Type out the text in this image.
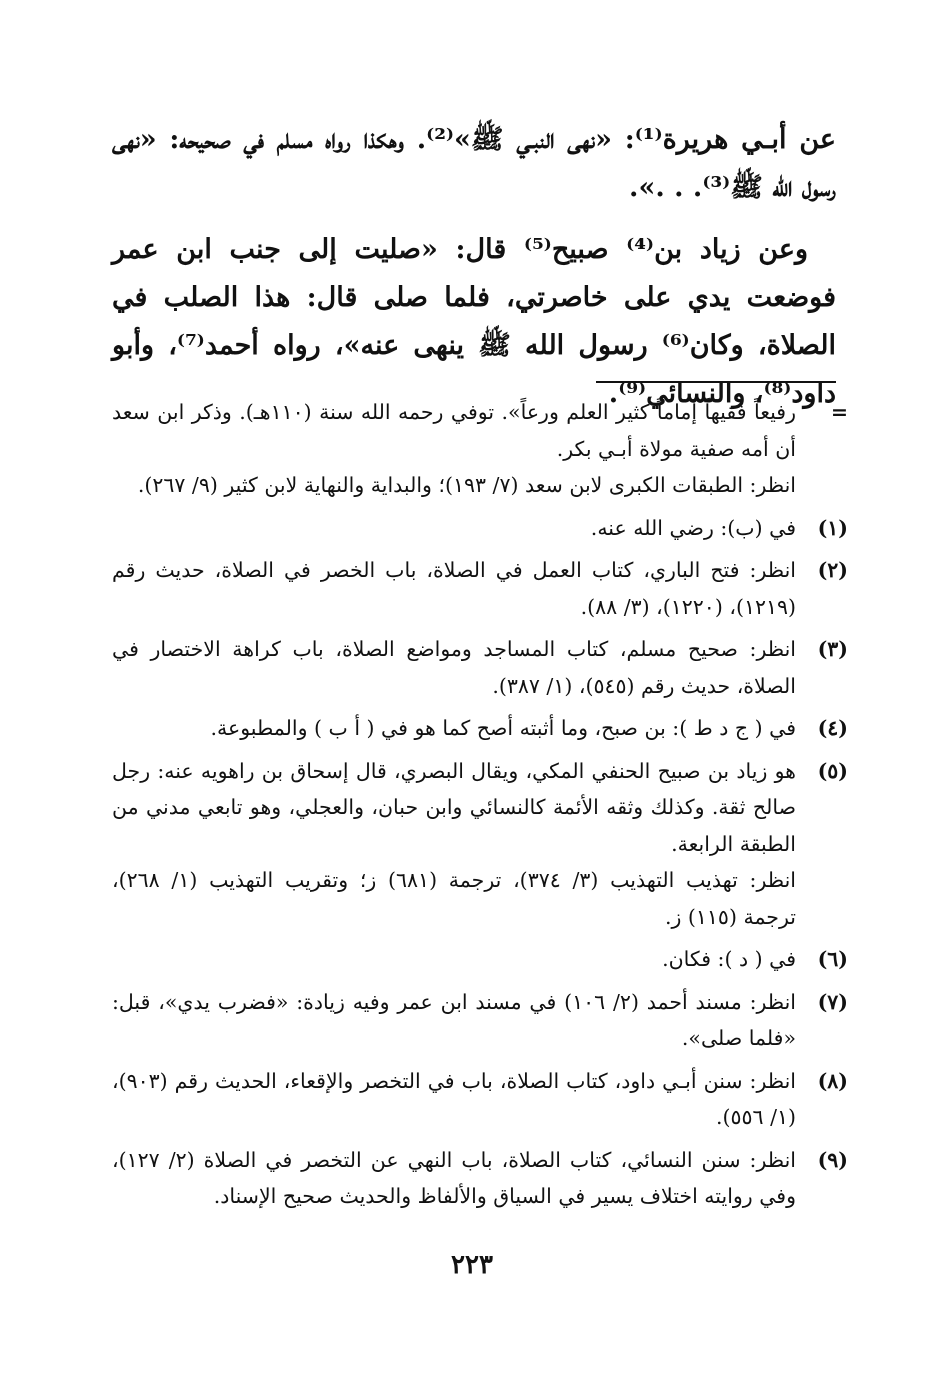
عن أبـي هريرة⁽¹⁾: «نهى النبـي ﷺ»⁽²⁾. وهكذا رواه مسلم في صحيحه: «نهى رسول الله ﷺ⁽³⁾. . .».

وعن زياد بن⁽⁴⁾ صبيح⁽⁵⁾ قال: «صليت إلى جنب ابن عمر فوضعت يدي على خاصرتي، فلما صلى قال: هذا الصلب في الصلاة، وكان⁽⁶⁾ رسول الله ﷺ ينهى عنه»، رواه أحمد⁽⁷⁾، وأبو داود⁽⁸⁾، والنسائي⁽⁹⁾.

=
رفيعاً فقيهاً إماماً كثير العلم ورعاً». توفي رحمه الله سنة (١١٠هـ). وذكر ابن سعد أن أمه صفية مولاة أبـي بكر.
انظر: الطبقات الكبرى لابن سعد (٧/ ١٩٣)؛ والبداية والنهاية لابن كثير (٩/ ٢٦٧).
(١)
في (ب): رضي الله عنه.
(٢)
انظر: فتح الباري، كتاب العمل في الصلاة، باب الخصر في الصلاة، حديث رقم (١٢١٩)، (١٢٢٠)، (٣/ ٨٨).
(٣)
انظر: صحيح مسلم، كتاب المساجد ومواضع الصلاة، باب كراهة الاختصار في الصلاة، حديث رقم (٥٤٥)، (١/ ٣٨٧).
(٤)
في ( ج د ط ): بن صبح، وما أثبته أصح كما هو في ( أ ب ) والمطبوعة.
(٥)
هو زياد بن صبيح الحنفي المكي، ويقال البصري، قال إسحاق بن راهويه عنه: رجل صالح ثقة. وكذلك وثقه الأئمة كالنسائي وابن حبان، والعجلي، وهو تابعي مدني من الطبقة الرابعة.
انظر: تهذيب التهذيب (٣/ ٣٧٤)، ترجمة (٦٨١) ز؛ وتقريب التهذيب (١/ ٢٦٨)، ترجمة (١١٥) ز.
(٦)
في ( د ): فكان.
(٧)
انظر: مسند أحمد (٢/ ١٠٦) في مسند ابن عمر وفيه زيادة: «فضرب يدي»، قبل: «فلما صلى».
(٨)
انظر: سنن أبـي داود، كتاب الصلاة، باب في التخصر والإقعاء، الحديث رقم (٩٠٣)، (١/ ٥٥٦).
(٩)
انظر: سنن النسائي، كتاب الصلاة، باب النهي عن التخصر في الصلاة (٢/ ١٢٧)، وفي روايته اختلاف يسير في السياق والألفاظ والحديث صحيح الإسناد.
٢٢٣
